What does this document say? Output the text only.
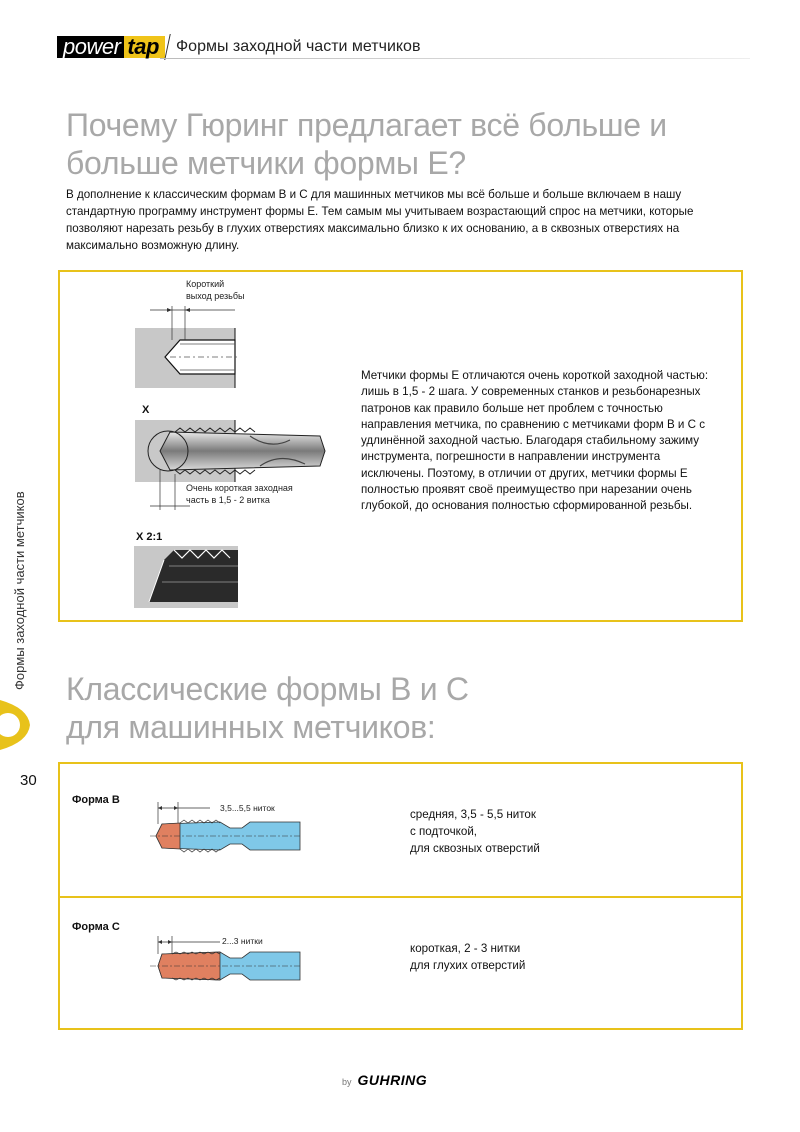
power tap	Формы заходной части метчиков
Почему Гюринг предлагает всё больше и
больше метчики формы Е?

В дополнение к классическим формам В и С для машинных метчиков мы всё больше и больше включаем в нашу стандартную программу инструмент формы Е. Тем самым мы учитываем возрастающий спрос на метчики, которые позволяют нарезать резьбу в глухих отверстиях максимально близко к их основанию, а в сквозных отверстиях на максимально возможную длину.

Короткий
выход резьбы
X
Очень короткая заходная
часть в 1,5 - 2 витка
X 2:1

Метчики формы Е отличаются очень короткой заходной частью: лишь в 1,5 - 2 шага. У современных станков и резьбонарезных патронов как правило больше нет проблем с точностью направления метчика, по сравнению с метчиками форм В и С с удлинённой заходной частью. Благодаря стабильному зажиму инструмента, погрешности в направлении инструмента исключены. Поэтому, в отличии от других, метчики формы Е полностью проявят своё преимущество при нарезании очень глубокой, до основания полностью сформированной резьбы.

Классические формы В и С
для машинных метчиков:
Форма B
3,5...5,5 ниток	средняя, 3,5 - 5,5 ниток
с подточкой,
для сквозных отверстий
Форма C
2...3 нитки
короткая, 2 - 3 нитки
для глухих отверстий
Формы заходной части метчиков
30
by GUHRING
